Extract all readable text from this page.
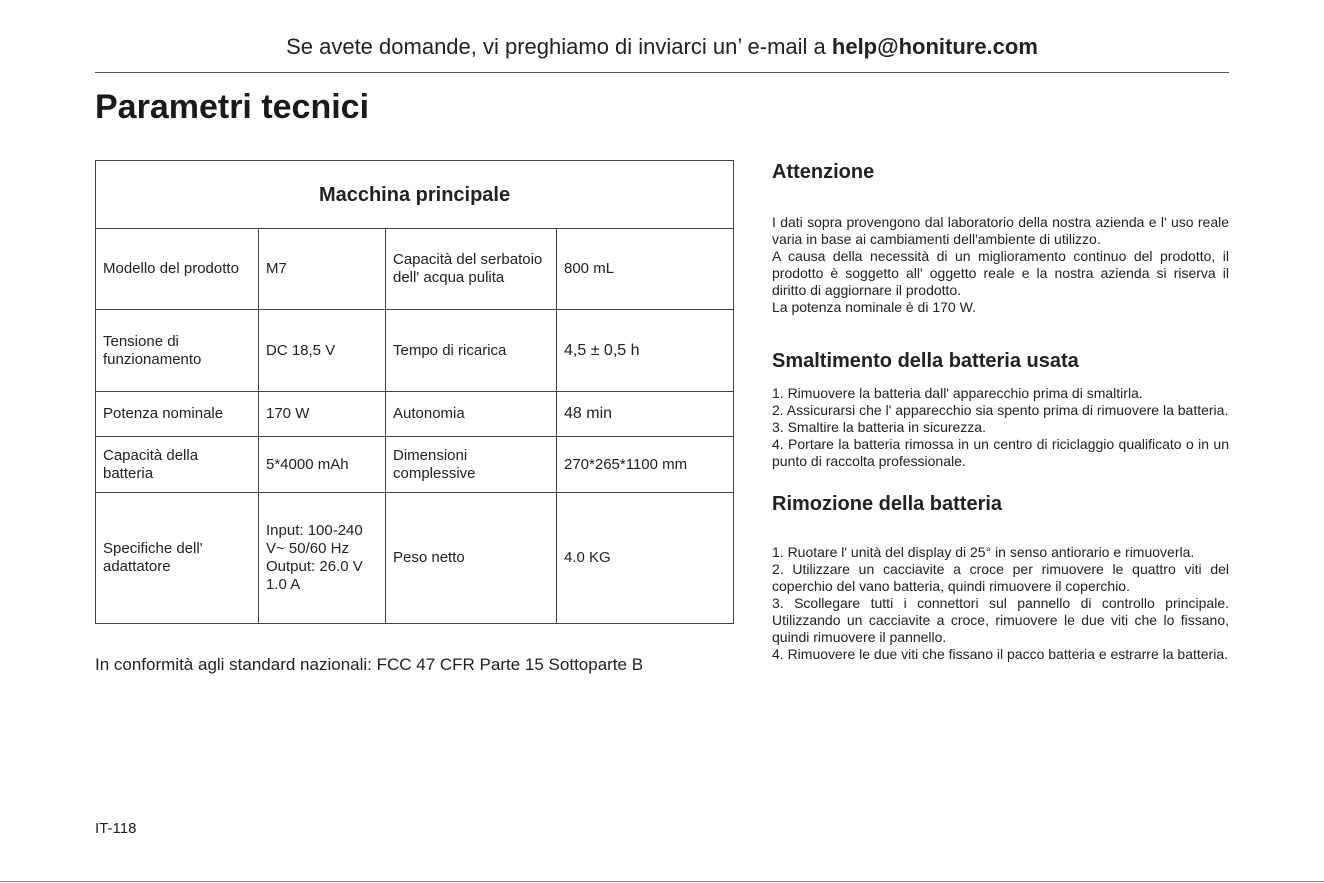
Se avete domande, vi preghiamo di inviarci un’ e-mail a help@honiture.com
Parametri tecnici
Macchina principale			
Modello del prodotto	M7	Capacità del serbatoio dell' acqua pulita	800 mL
Tensione di funzionamento	DC 18,5 V	Tempo di ricarica	4,5 ± 0,5 h
Potenza nominale	170 W	Autonomia	48 min
Capacità della batteria	5*4000 mAh	Dimensioni complessive	270*265*1100 mm
Specifiche dell' adattatore	Input: 100-240 V~ 50/60 Hz Output: 26.0 V 1.0 A	Peso netto	4.0 KG
In conformità agli standard nazionali: FCC 47 CFR Parte 15 Sottoparte B
Attenzione

I dati sopra provengono dal laboratorio della nostra azienda e l' uso reale varia in base ai cambiamenti dell'ambiente di utilizzo.

A causa della necessità di un miglioramento continuo del prodotto, il prodotto è soggetto all' oggetto reale e la nostra azienda si riserva il diritto di aggiornare il prodotto.

La potenza nominale è di 170 W.

Smaltimento della batteria usata

1. Rimuovere la batteria dall' apparecchio prima di smaltirla.

2. Assicurarsi che l' apparecchio sia spento prima di rimuovere la batteria.

3. Smaltire la batteria in sicurezza.

4. Portare la batteria rimossa in un centro di riciclaggio qualificato o in un punto di raccolta professionale.

Rimozione della batteria

1. Ruotare l' unità del display di 25° in senso antiorario e rimuoverla.

2. Utilizzare un cacciavite a croce per rimuovere le quattro viti del coperchio del vano batteria, quindi rimuovere il coperchio.

3. Scollegare tutti i connettori sul pannello di controllo principale. Utilizzando un cacciavite a croce, rimuovere le due viti che lo fissano, quindi rimuovere il pannello.

4. Rimuovere le due viti che fissano il pacco batteria e estrarre la batteria.

IT-118
